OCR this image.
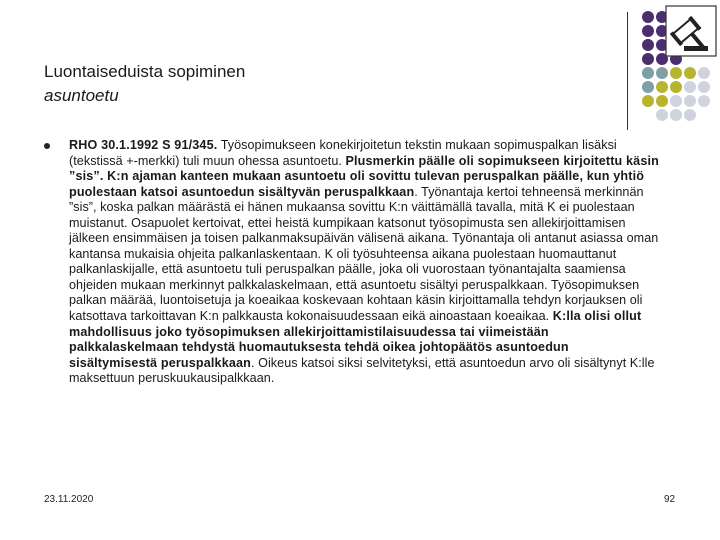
Luontaiseduista sopiminen
asuntoetu
RHO 30.1.1992 S 91/345. Työsopimukseen konekirjoitetun tekstin mukaan sopimuspalkan lisäksi (tekstissä +-merkki) tuli muun ohessa asuntoetu. Plusmerkin päälle oli sopimukseen kirjoitettu käsin ”sis”. K:n ajaman kanteen mukaan asuntoetu oli sovittu tulevan peruspalkan päälle, kun yhtiö puolestaan katsoi asuntoedun sisältyvän peruspalkkaan. Työnantaja kertoi tehneensä merkinnän ”sis”, koska palkan määrästä ei hänen mukaansa sovittu K:n väittämällä tavalla, mitä K ei puolestaan muistanut. Osapuolet kertoivat, ettei heistä kumpikaan katsonut työsopimusta sen allekirjoittamisen jälkeen ensimmäisen ja toisen palkanmaksupäivän välisenä aikana. Työnantaja oli antanut asiassa oman kantansa mukaisia ohjeita palkanlaskentaan. K oli työsuhteensa aikana puolestaan huomauttanut palkanlaskijalle, että asuntoetu tuli peruspalkan päälle, joka oli vuorostaan työnantajalta saamiensa ohjeiden mukaan merkinnyt palkkalaskelmaan, että asuntoetu sisältyi peruspalkkaan. Työsopimuksen palkan määrää, luontoisetuja ja koeaikaa koskevaan kohtaan käsin kirjoittamalla tehdyn korjauksen oli katsottava tarkoittavan K:n palkkausta kokonaisuudessaan eikä ainoastaan koeaikaa. K:lla olisi ollut mahdollisuus joko työsopimuksen allekirjoittamistilaisuudessa tai viimeistään palkkalaskelmaan tehdystä huomautuksesta tehdä oikea johtopäätös asuntoedun sisältymisestä peruspalkkaan. Oikeus katsoi siksi selvitetyksi, että asuntoedun arvo oli sisältynyt K:lle maksettuun peruskuukausipalkkaan.
23.11.2020	92
